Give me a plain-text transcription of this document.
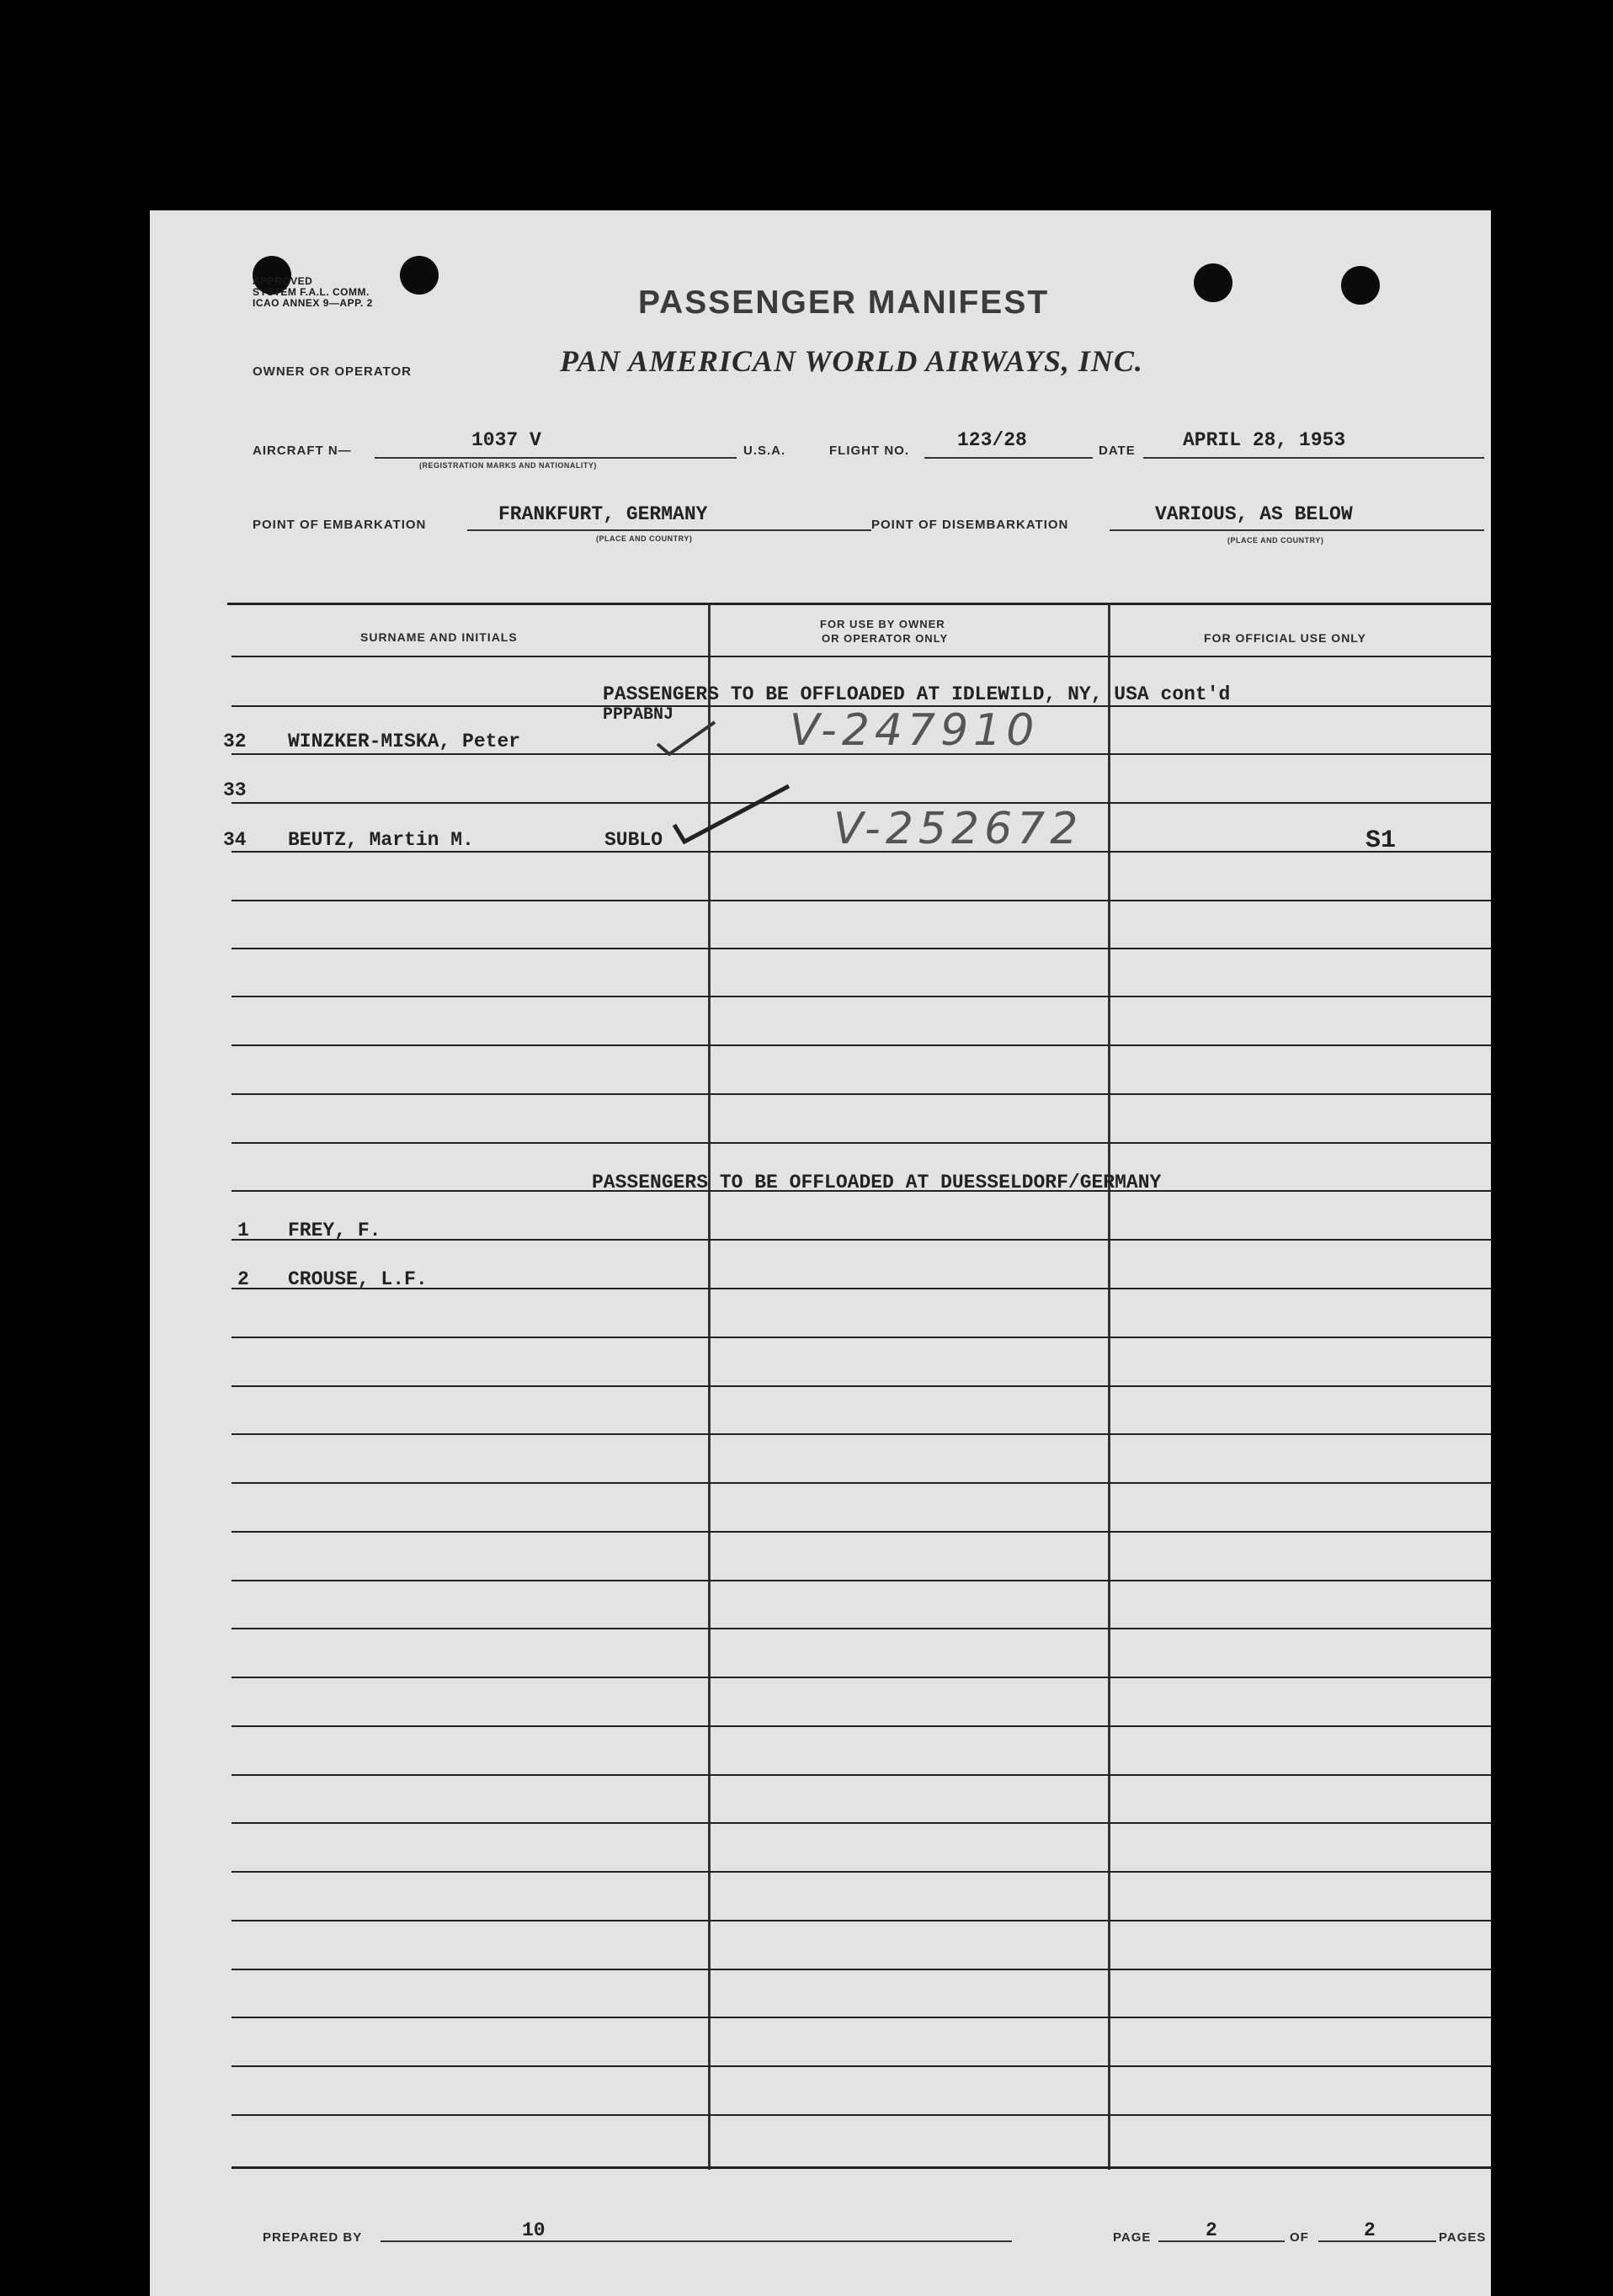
APPROVED
SYSTEM F.A.L. COMM.
ICAO ANNEX 9—APP. 2	PASSENGER MANIFEST
OWNER OR OPERATOR	PAN AMERICAN WORLD AIRWAYS, INC.
AIRCRAFT N—	1037 V
(REGISTRATION MARKS AND NATIONALITY)
U.S.A.	FLIGHT NO. 123/28	DATE APRIL 28, 1953
POINT OF EMBARKATION	FRANKFURT, GERMANY
(PLACE AND COUNTRY)
POINT OF DISEMBARKATION	VARIOUS, AS BELOW
(PLACE AND COUNTRY)
SURNAME AND INITIALS
FOR USE BY OWNER
OR OPERATOR ONLY	FOR OFFICIAL USE ONLY
PASSENGERS TO BE OFFLOADED AT IDLEWILD, NY, USA cont'd
PPPABNJ
32 WINZKER-MISKA, Peter	V-247910
33
34 BEUTZ, Martin M.	SUBLO	V-252672	S1
PASSENGERS TO BE OFFLOADED AT DUESSELDORF/GERMANY
1 FREY, F.
2 CROUSE, L.F.
PREPARED BY	10	PAGE	2	OF	2	PAGES
